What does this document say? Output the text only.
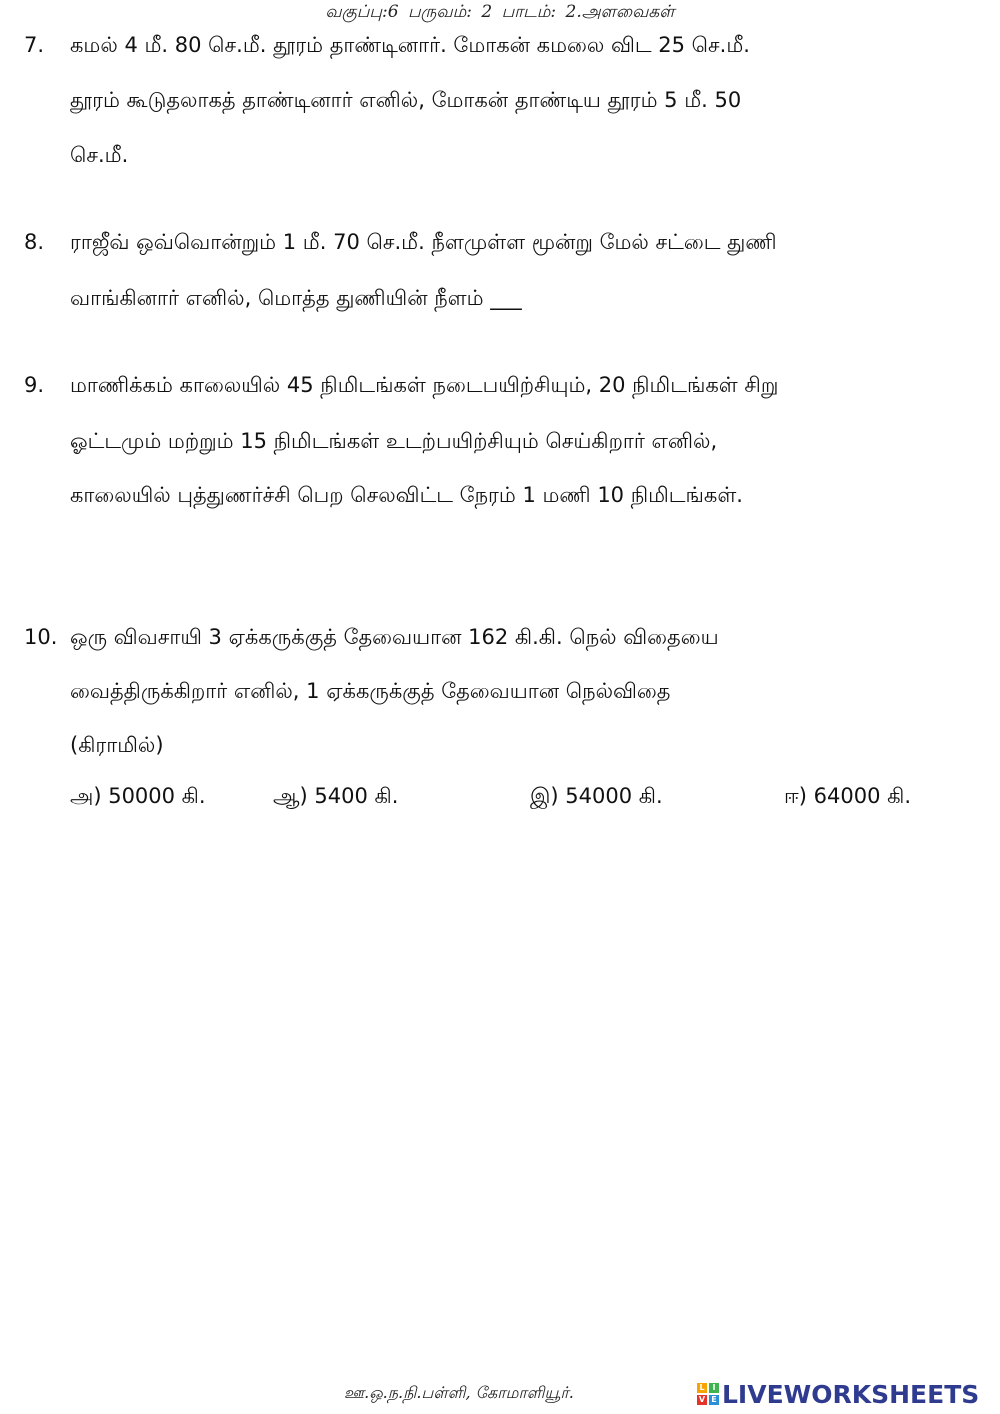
வகுப்பு:6 பருவம்: 2 பாடம்: 2.அளவைகள்
7.	கமல் 4 மீ. 80 செ.மீ. தூரம் தாண்டினார். மோகன் கமலை விட 25 செ.மீ.
தூரம் கூடுதலாகத் தாண்டினார் எனில், மோகன் தாண்டிய தூரம் 5 மீ. 50
செ.மீ.
8.	ராஜீவ் ஒவ்வொன்றும் 1 மீ. 70 செ.மீ. நீளமுள்ள மூன்று மேல் சட்டை துணி
வாங்கினார் எனில், மொத்த துணியின் நீளம் ___
9.	மாணிக்கம் காலையில் 45 நிமிடங்கள் நடைபயிற்சியும், 20 நிமிடங்கள் சிறு
ஓட்டமும் மற்றும் 15 நிமிடங்கள் உடற்பயிற்சியும் செய்கிறார் எனில்,
காலையில் புத்துணர்ச்சி பெற செலவிட்ட நேரம் 1 மணி 10 நிமிடங்கள்.
10. ஒரு விவசாயி 3 ஏக்கருக்குத் தேவையான 162 கி.கி. நெல் விதையை
வைத்திருக்கிறார் எனில், 1 ஏக்கருக்குத் தேவையான நெல்விதை
(கிராமில்)
அ) 50000 கி.	ஆ) 5400 கி.	இ) 54000 கி.	ஈ) 64000 கி.
ஊ.ஒ.ந.நி.பள்ளி, கோமாளியூர்.	L I
V E LIVEWORKSHEETS
